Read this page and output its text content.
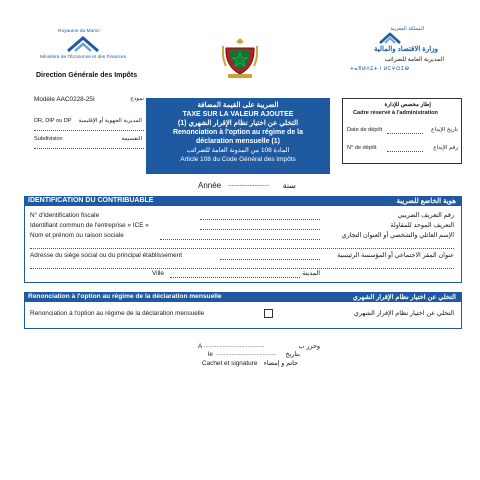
Royaume du Maroc
Ministère de l'Économie et des Finances
Direction Générale des Impôts
المملكة المغربية
وزارة الاقتصاد والمالية
المديرية العامة للضرائب
ⵜⴰⴳⵍⴷⵉⵜ ⵏ ⵍⵎⵖⵔⵉⴱ
Modèle AAC0228-25I	نموذج
DR, DIP ou DP	المديرية الجهوية أو الإقليمية
Subdivision	التقسيمة
الضريبة على القيمة المضافة
TAXE SUR LA VALEUR AJOUTEE
التخلي عن اختيار نظام الإقرار الشهري (1)
Renonciation à l'option au régime de la
déclaration mensuelle (1)
المادة 108 من المدونة العامة للضرائب
Article 108 du Code Général des Impôts
إطار مخصص للإدارة
Cadre réservé à l'administration
Date de dépôt	تاريخ الإيداع
N° de dépôt	رقم الإيداع
Année .........................	سنة
IDENTIFICATION DU CONTRIBUABLE	هوية الخاضع للضريبة
N° d'identification fiscale	رقم التعريف الضريبي
Identifiant commun de l'entreprise « ICE »	التعريف الموحد للمقاولة
Nom et prénom ou raison sociale	الإسم العائلي والشخصي أو العنوان التجاري
Adresse du siège social ou du principal établissement	عنوان المقر الاجتماعي أو المؤسسة الرئيسية
Ville	المدينة
Renonciation à l'option au régime de la déclaration mensuelle	التخلي عن اختيار نظام الإقرار الشهري
Renonciation à l'option au régime de la déclaration mensuelle	التخلي عن اختيار نظام الإقرار الشهري
A .......................................	وحرر ب
le .......................................	بتاريخ
Cachet et signature خاتم و إمضاء
